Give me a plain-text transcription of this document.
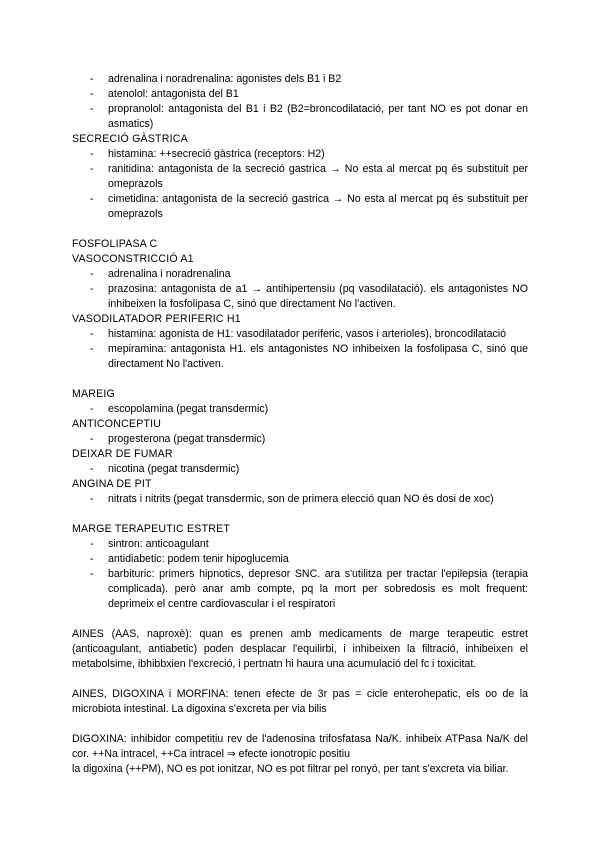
- adrenalina i noradrenalina: agonistes dels B1 i B2
- atenolol: antagonista del B1
- propranolol: antagonista del B1 i B2 (B2=broncodilatació, per tant NO es pot donar en asmatics)

SECRECIÓ GÀSTRICA

- histamina: ++secreció gàstrica (receptors: H2)
- ranitidina: antagonista de la secreció gastrica → No esta al mercat pq és substituit per omeprazols
- cimetidina: antagonista de la secreció gastrica → No esta al mercat pq és substituit per omeprazols

FOSFOLIPASA C

VASOCONSTRICCIÓ A1

- adrenalina i noradrenalina
- prazosina: antagonista de a1 → antihipertensiu (pq vasodilatació). els antagonistes NO inhibeixen la fosfolipasa C, sinó que directament No l'activen.

VASODILATADOR PERIFERIC H1

- histamina: agonista de H1: vasodilatador periferic, vasos i arterioles), broncodilatació
- mepiramina: antagonista H1. els antagonistes NO inhibeixen la fosfolipasa C, sinó que directament No l'activen.

MAREIG

- escopolamina (pegat transdermic)

ANTICONCEPTIU

- progesterona (pegat transdermic)

DEIXAR DE FUMAR

- nicotina (pegat transdermic)

ANGINA DE PIT

- nitrats i nitrits (pegat transdermic, son de primera elecció quan NO és dosi de xoc)

MARGE TERAPEUTIC ESTRET

- sintron: anticoagulant
- antidiabetic: podem tenir hipoglucemia
- barbituric: primers hipnotics, depresor SNC. ara s'utilitza per tractar l'epilepsia (terapia complicada). però anar amb compte, pq la mort per sobredosis es molt frequent: deprimeix el centre cardiovascular i el respiratori

AINES (AAS, naproxè): quan es prenen amb medicaments de marge terapeutic estret (anticoagulant, antiabetic) poden desplacar l'equilirbi, i inhibeixen la filtració, inhibeixen el metabolsime, ibhibbxien l'excreció, i pertnatn hi haura una acumulació del fc i toxicitat.

AINES, DIGOXINA i MORFINA: tenen efecte de 3r pas = cicle enterohepatic, els oo de la microbiota intestinal. La digoxina s'excreta per via bilis

DIGOXINA: inhibidor competitiu rev de l'adenosina trifosfatasa Na/K. inhibeix ATPasa Na/K del cor. ++Na intracel, ++Ca intracel ⇒ efecte ionotropic positiu
la digoxina (++PM), NO es pot ionitzar, NO es pot filtrar pel ronyó, per tant s'excreta via biliar.
